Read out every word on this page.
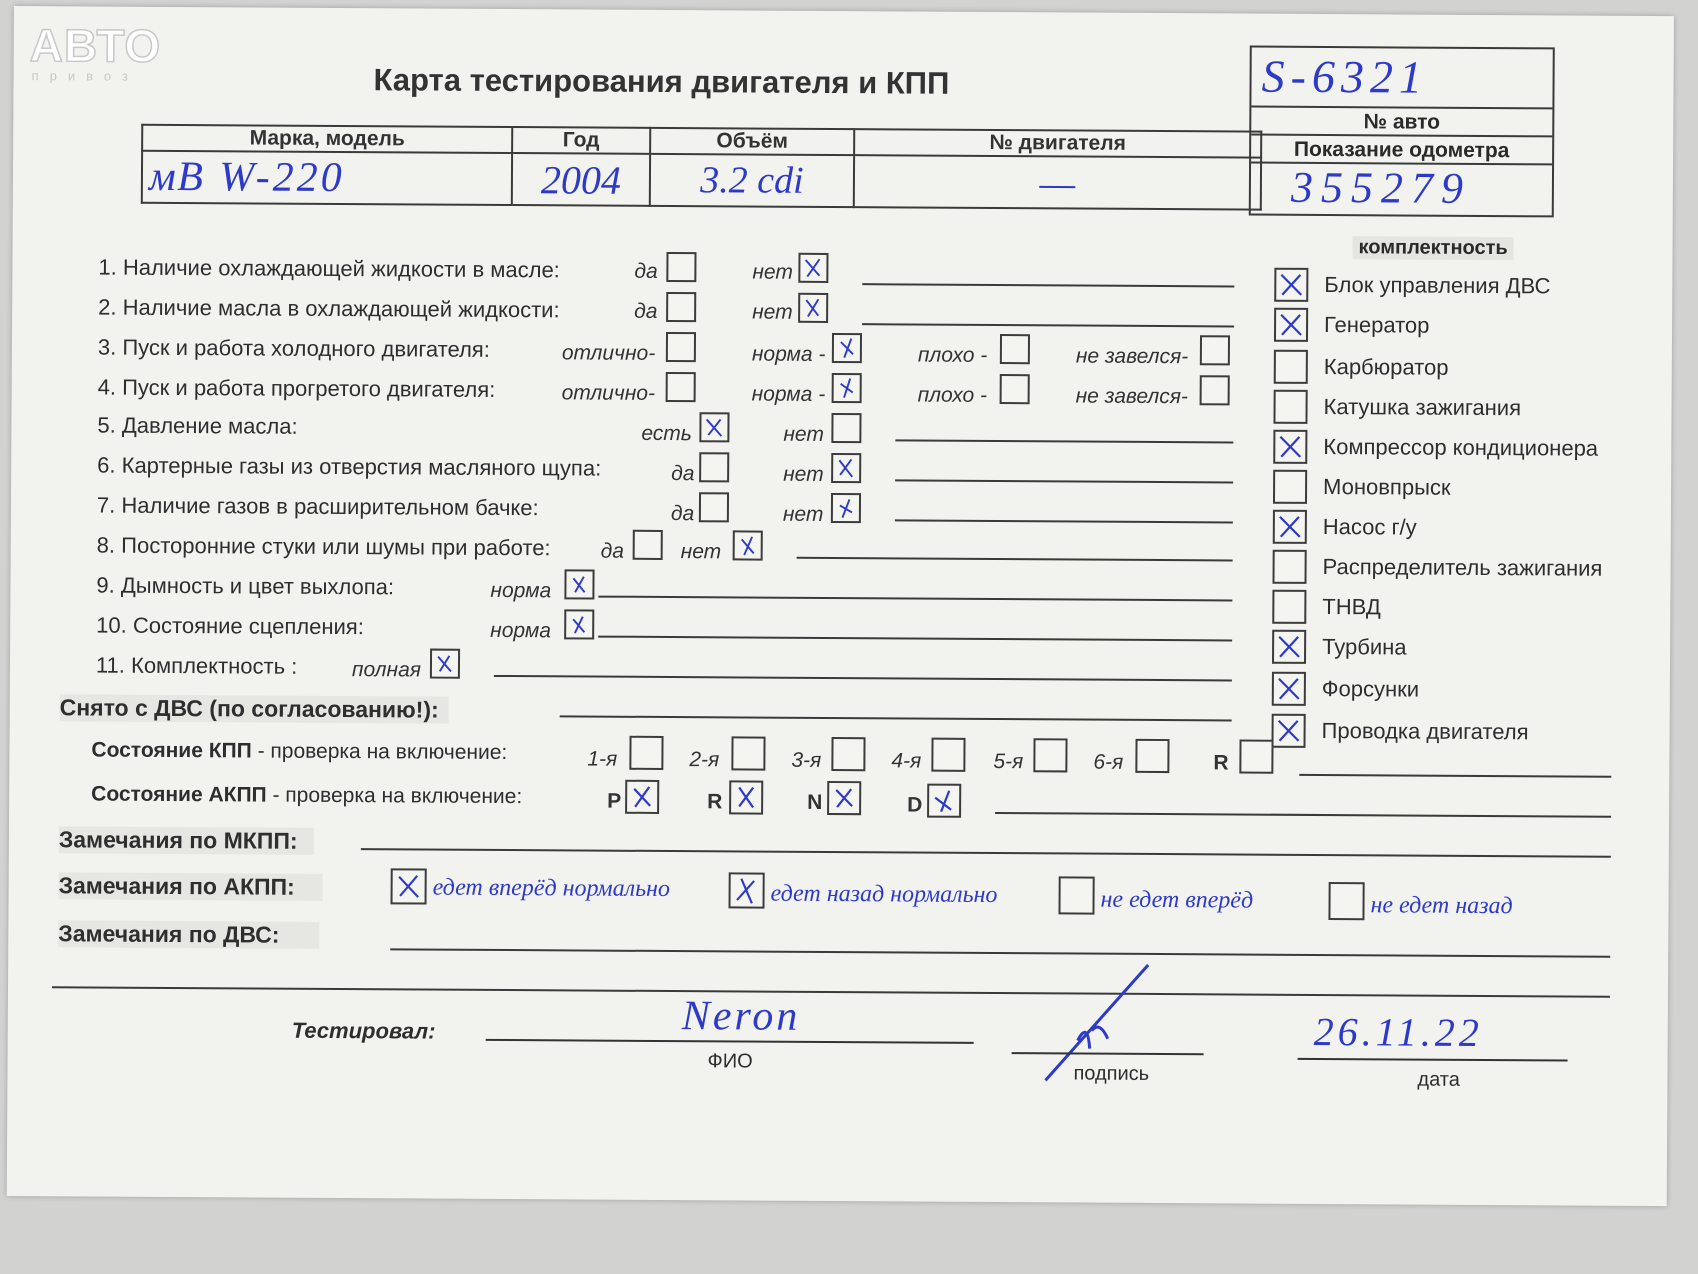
АВТО
привоз	Карта тестирования двигателя и КПП	S-6321
№ авто
Показание одометра
355279
Марка, модель	Год	Объём	№ двигателя
ᴍB W-220	2004	3.2 cdi	—
комплектность
1. Наличие охлаждающей жидкости в масле:	да	нет
2. Наличие масла в охлаждающей жидкости:	да	нет
3. Пуск и работа холодного двигателя:	отлично-	норма -	плохо -	не завелся-
4. Пуск и работа прогретого двигателя:	отлично-	норма -	плохо -	не завелся-
5. Давление масла:	есть	нет
6. Картерные газы из отверстия масляного щупа:	да	нет
7. Наличие газов в расширительном бачке:	да	нет
8. Посторонние стуки или шумы при работе: да	нет
9. Дымность и цвет выхлопа:	норма
10. Состояние сцепления:	норма
11. Комплектность :	полная
Снято с ДВС (по согласованию!):
Состояние КПП - проверка на включение:	1-я	2-я	3-я	4-я	5-я	6-я	R
Состояние АКПП - проверка на включение:	P	R	N	D
Замечания по МКПП:
Замечания по АКПП:	едет вперёд нормально	едет назад нормально	не едет вперёд	не едет назад
Замечания по ДВС:
Тестировал:	Neron
ФИО
подпись
26.11.22
дата
Блок управления ДВС
Генератор
Карбюратор
Катушка зажигания
Компрессор кондиционера
Моновпрыск
Насос г/у
Распределитель зажигания
ТНВД
Турбина
Форсунки
Проводка двигателя
